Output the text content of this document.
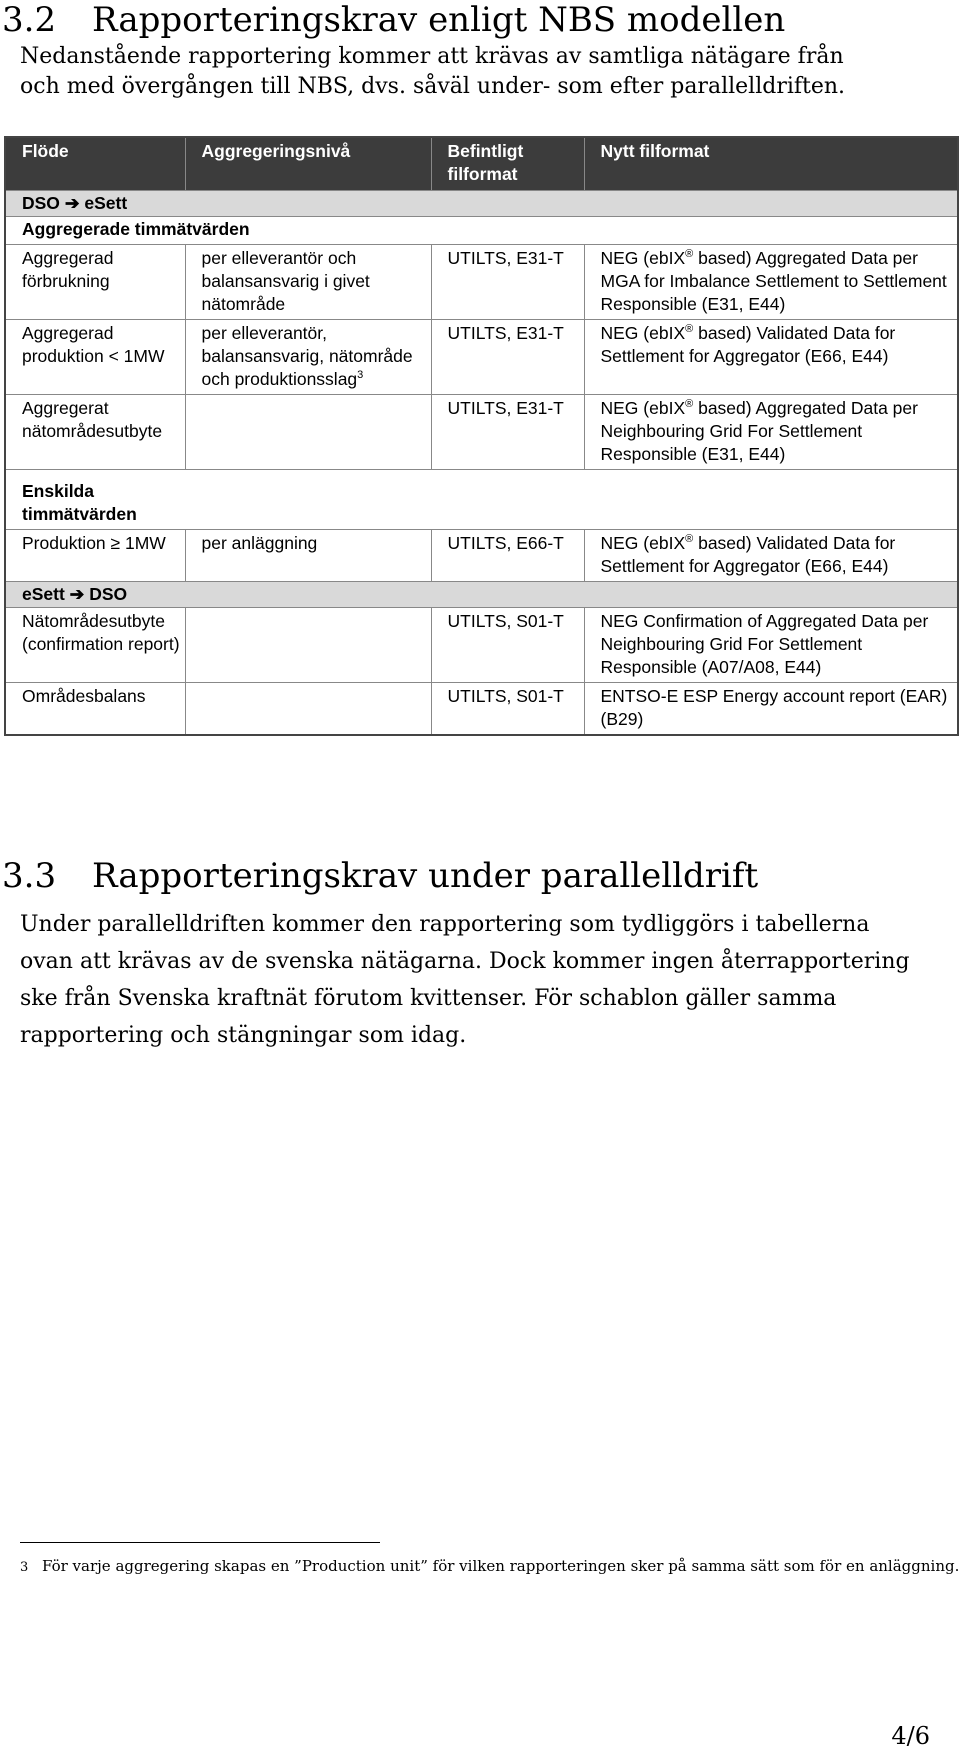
3.2 Rapporteringskrav enligt NBS modellen
Nedanstående rapportering kommer att krävas av samtliga nätägare från och med övergången till NBS, dvs. såväl under- som efter parallelldriften.
Flöde	Aggregeringsnivå	Befintligt filformat	Nytt filformat
DSO ➔ eSett			
Aggregerade timmätvärden			
Aggregerad förbrukning	per elleverantör och balansansvarig i givet nätområde	UTILTS, E31-T	NEG (ebIX® based) Aggregated Data per MGA for Imbalance Settlement to Settlement Responsible (E31, E44)
Aggregerad produktion < 1MW	per elleverantör, balansansvarig, nätområde och produktionsslag$^3$	UTILTS, E31-T	NEG (ebIX® based) Validated Data for Settlement for Aggregator (E66, E44)
Aggregerat nätområdesutbyte		UTILTS, E31-T	NEG (ebIX® based) Aggregated Data per Neighbouring Grid For Settlement Responsible (E31, E44)

Enskilda timmätvärden			

Produktion ≥ 1MW	per anläggning	UTILTS, E66-T	NEG (ebIX® based) Validated Data for Settlement for Aggregator (E66, E44)
eSett ➔ DSO			
Nätområdesutbyte (confirmation report)		UTILTS, S01-T	NEG Confirmation of Aggregated Data per Neighbouring Grid For Settlement Responsible (A07/A08, E44)
Områdesbalans		UTILTS, S01-T	ENTSO-E ESP Energy account report (EAR) (B29)
3.3 Rapporteringskrav under parallelldrift
Under parallelldriften kommer den rapportering som tydliggörs i tabellerna ovan att krävas av de svenska nätägarna. Dock kommer ingen återrapportering ske från Svenska kraftnät förutom kvittenser. För schablon gäller samma rapportering och stängningar som idag.
3 För varje aggregering skapas en ”Production unit” för vilken rapporteringen sker på samma sätt som för en anläggning.
4/6
